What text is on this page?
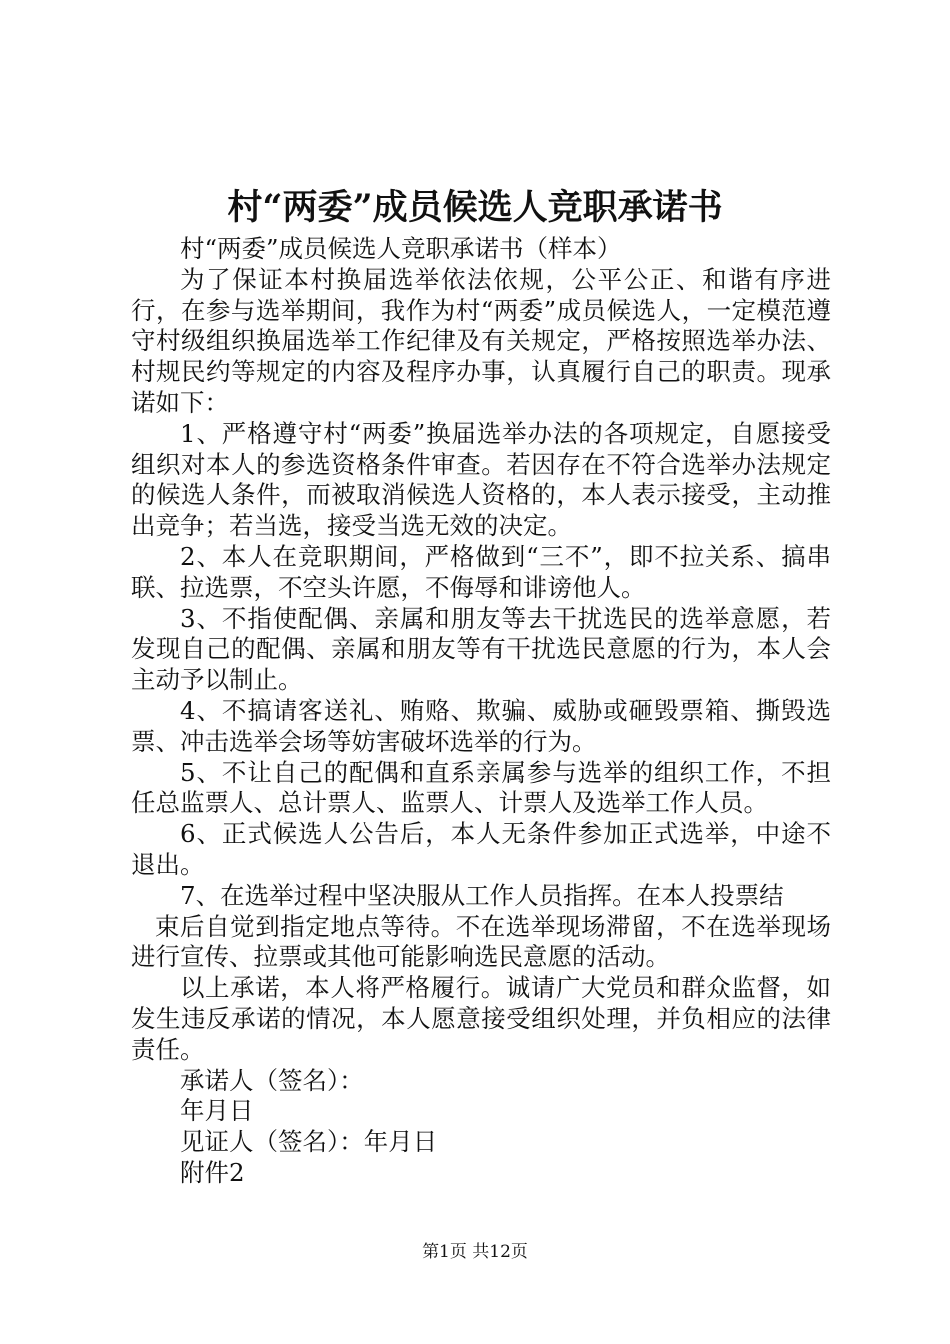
村“两委”成员候选人竞职承诺书

村“两委”成员候选人竞职承诺书（样本）

为了保证本村换届选举依法依规，公平公正、和谐有序进行，在参与选举期间，我作为村“两委”成员候选人，一定模范遵守村级组织换届选举工作纪律及有关规定，严格按照选举办法、村规民约等规定的内容及程序办事，认真履行自己的职责。现承诺如下：

1、严格遵守村“两委”换届选举办法的各项规定，自愿接受组织对本人的参选资格条件审查。若因存在不符合选举办法规定的候选人条件，而被取消候选人资格的，本人表示接受，主动推出竞争；若当选，接受当选无效的决定。

2、本人在竞职期间，严格做到“三不”，即不拉关系、搞串联、拉选票，不空头许愿，不侮辱和诽谤他人。

3、不指使配偶、亲属和朋友等去干扰选民的选举意愿，若发现自己的配偶、亲属和朋友等有干扰选民意愿的行为，本人会主动予以制止。

4、不搞请客送礼、贿赂、欺骗、威胁或砸毁票箱、撕毁选票、冲击选举会场等妨害破坏选举的行为。

5、不让自己的配偶和直系亲属参与选举的组织工作，不担任总监票人、总计票人、监票人、计票人及选举工作人员。

6、正式候选人公告后，本人无条件参加正式选举，中途不退出。

7、在选举过程中坚决服从工作人员指挥。在本人投票结

束后自觉到指定地点等待。不在选举现场滞留，不在选举现场进行宣传、拉票或其他可能影响选民意愿的活动。

以上承诺，本人将严格履行。诚请广大党员和群众监督，如发生违反承诺的情况，本人愿意接受组织处理，并负相应的法律责任。

承诺人（签名）：

年月日

见证人（签名）：年月日

附件2

第1页 共12页
